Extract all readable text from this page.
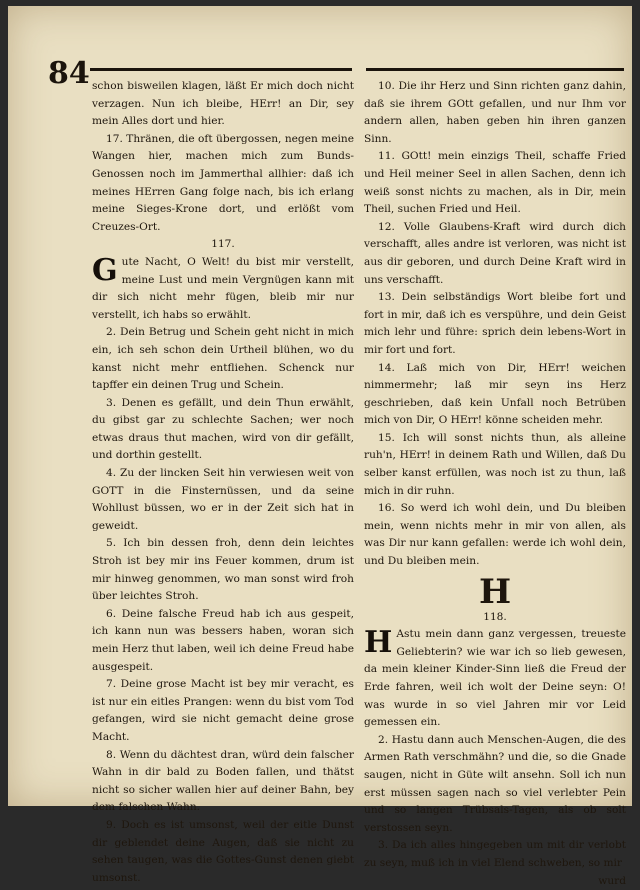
84 schon bisweilen klagen, läßt Er mich doch nicht verzagen. Nun ich bleibe, HErr! an Dir, sey mein Alles dort und hier.

17. Thränen, die oft übergossen, negen meine Wangen hier, machen mich zum Bunds-Genossen noch im Jammerthal allhier: daß ich meines HErren Gang folge nach, bis ich erlang meine Sieges-Krone dort, und erlößt vom Creuzes-Ort.

117.

Gute Nacht, O Welt! du bist mir verstellt, meine Lust und mein Vergnügen kann mit dir sich nicht mehr fügen, bleib mir nur verstellt, ich habs so erwählt.

2. Dein Betrug und Schein geht nicht in mich ein, ich seh schon dein Urtheil blühen, wo du kanst nicht mehr entfliehen. Schenck nur tapffer ein deinen Trug und Schein.

3. Denen es gefällt, und dein Thun erwählt, du gibst gar zu schlechte Sachen; wer noch etwas draus thut machen, wird von dir gefällt, und dorthin gestellt.

4. Zu der lincken Seit hin verwiesen weit von GOTT in die Finsternüssen, und da seine Wohllust büssen, wo er in der Zeit sich hat in geweidt.

5. Ich bin dessen froh, denn dein leichtes Stroh ist bey mir ins Feuer kommen, drum ist mir hinweg genommen, wo man sonst wird froh über leichtes Stroh.

6. Deine falsche Freud hab ich aus gespeit, ich kann nun was bessers haben, woran sich mein Herz thut laben, weil ich deine Freud habe ausgespeit.

7. Deine grose Macht ist bey mir veracht, es ist nur ein eitles Prangen: wenn du bist vom Tod gefangen, wird sie nicht gemacht deine grose Macht.

8. Wenn du dächtest dran, würd dein falscher Wahn in dir bald zu Boden fallen, und thätst nicht so sicher wallen hier auf deiner Bahn, bey dem falschen Wahn.

9. Doch es ist umsonst, weil der eitle Dunst dir geblendet deine Augen, daß sie nicht zu sehen taugen, was die Gottes-Gunst denen giebt umsonst.

10. Die ihr Herz und Sinn richten ganz dahin, daß sie ihrem GOtt gefallen, und nur Ihm vor andern allen, haben geben hin ihren ganzen Sinn.

11. GOtt! mein einzigs Theil, schaffe Fried und Heil meiner Seel in allen Sachen, denn ich weiß sonst nichts zu machen, als in Dir, mein Theil, suchen Fried und Heil.

12. Volle Glaubens-Kraft wird durch dich verschafft, alles andre ist verloren, was nicht ist aus dir geboren, und durch Deine Kraft wird in uns verschafft.

13. Dein selbständigs Wort bleibe fort und fort in mir, daß ich es verspühre, und dein Geist mich lehr und führe: sprich dein lebens-Wort in mir fort und fort.

14. Laß mich von Dir, HErr! weichen nimmermehr; laß mir seyn ins Herz geschrieben, daß kein Unfall noch Betrüben mich von Dir, O HErr! könne scheiden mehr.

15. Ich will sonst nichts thun, als alleine ruh'n, HErr! in deinem Rath und Willen, daß Du selber kanst erfüllen, was noch ist zu thun, laß mich in dir ruhn.

16. So werd ich wohl dein, und Du bleiben mein, wenn nichts mehr in mir von allen, als was Dir nur kann gefallen: werde ich wohl dein, und Du bleiben mein.

H
118.

H Astu mein dann ganz vergessen, treueste Geliebterin? wie war ich so lieb gewesen, da mein kleiner Kinder-Sinn ließ die Freud der Erde fahren, weil ich wolt der Deine seyn: O! was wurde in so viel Jahren mir vor Leid gemessen ein.

2. Hastu dann auch Menschen-Augen, die des Armen Rath verschmähn? und die, so die Gnade saugen, nicht in Güte wilt ansehn. Soll ich nun erst müssen sagen nach so viel verlebter Pein und so langen Trübsals-Tagen, als ob solt verstossen seyn.

3. Da ich alles hingegeben um mit dir verlobt zu seyn, muß ich in viel Elend schweben, so mir

wurd
